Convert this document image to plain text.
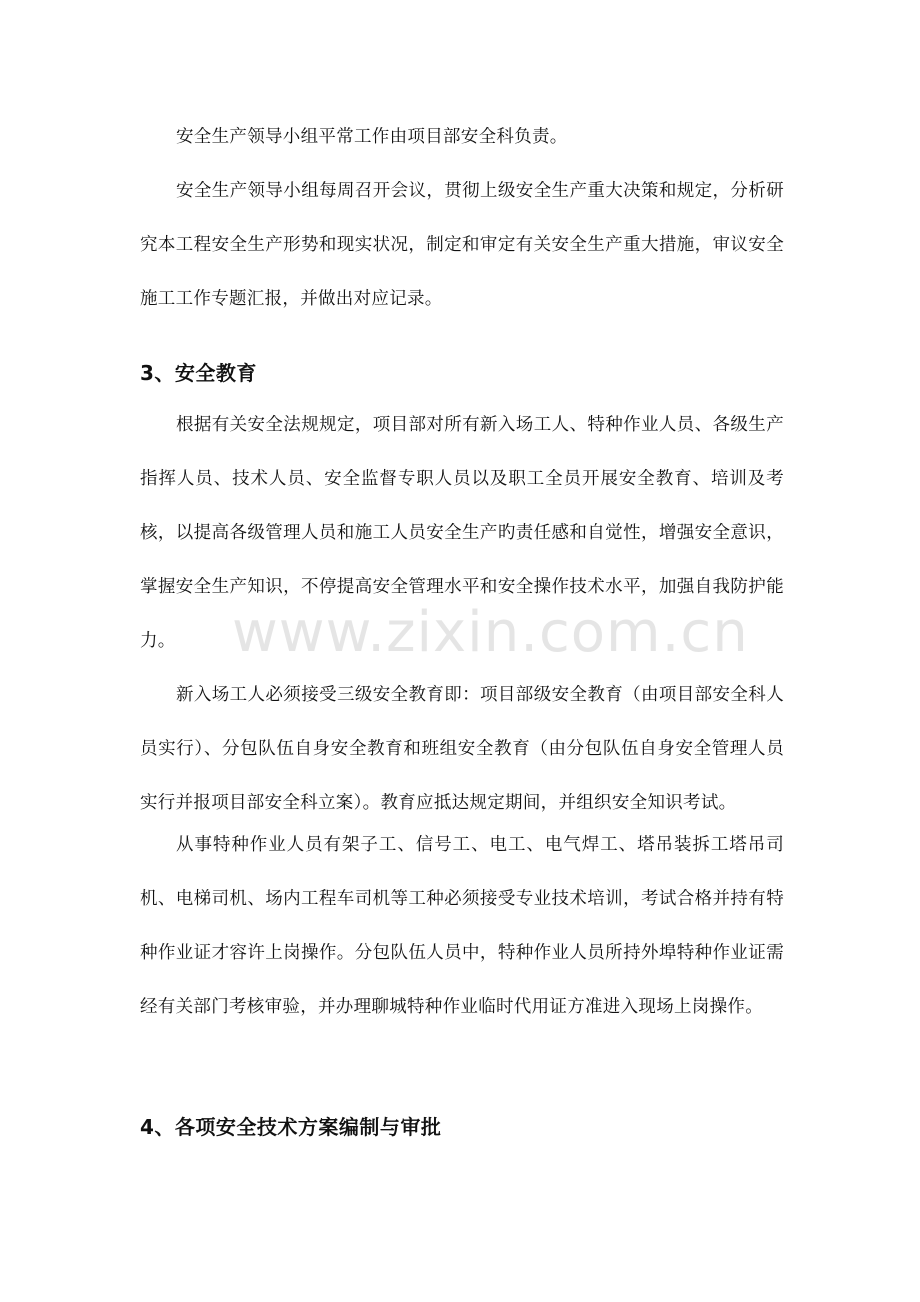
安全生产领导小组平常工作由项目部安全科负责。

安全生产领导小组每周召开会议，贯彻上级安全生产重大决策和规定，分析研究本工程安全生产形势和现实状况，制定和审定有关安全生产重大措施，审议安全施工工作专题汇报，并做出对应记录。

3、安全教育

根据有关安全法规规定，项目部对所有新入场工人、特种作业人员、各级生产指挥人员、技术人员、安全监督专职人员以及职工全员开展安全教育、培训及考核，以提高各级管理人员和施工人员安全生产旳责任感和自觉性，增强安全意识，掌握安全生产知识，不停提高安全管理水平和安全操作技术水平，加强自我防护能力。

新入场工人必须接受三级安全教育即：项目部级安全教育（由项目部安全科人员实行）、分包队伍自身安全教育和班组安全教育（由分包队伍自身安全管理人员实行并报项目部安全科立案）。教育应抵达规定期间，并组织安全知识考试。

从事特种作业人员有架子工、信号工、电工、电气焊工、塔吊装拆工塔吊司机、电梯司机、场内工程车司机等工种必须接受专业技术培训，考试合格并持有特种作业证才容许上岗操作。分包队伍人员中，特种作业人员所持外埠特种作业证需经有关部门考核审验，并办理聊城特种作业临时代用证方准进入现场上岗操作。

4、各项安全技术方案编制与审批
www.zixin.com.cn
